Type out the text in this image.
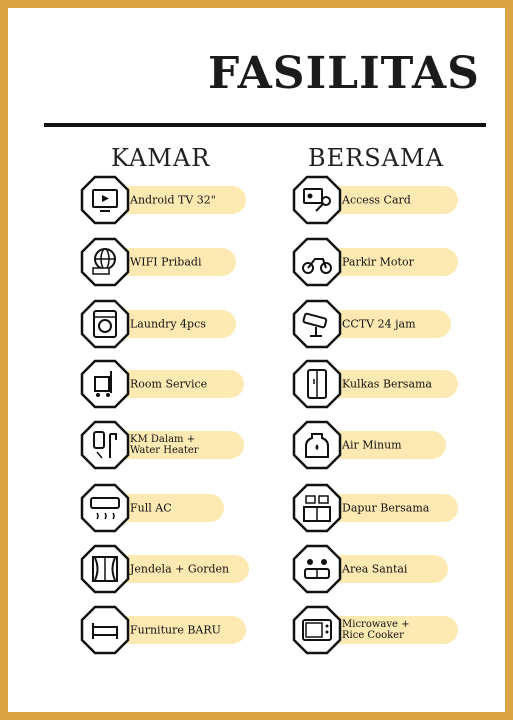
FASILITAS
KAMAR	BERSAMA
Android TV 32"
WIFI Pribadi
Laundry 4pcs
Room Service
KM Dalam +
Water Heater
Full AC
Jendela + Gorden
Furniture BARU
Access Card
Parkir Motor
CCTV 24 jam
Kulkas Bersama
Air Minum
Dapur Bersama
Area Santai
Microwave +
Rice Cooker
